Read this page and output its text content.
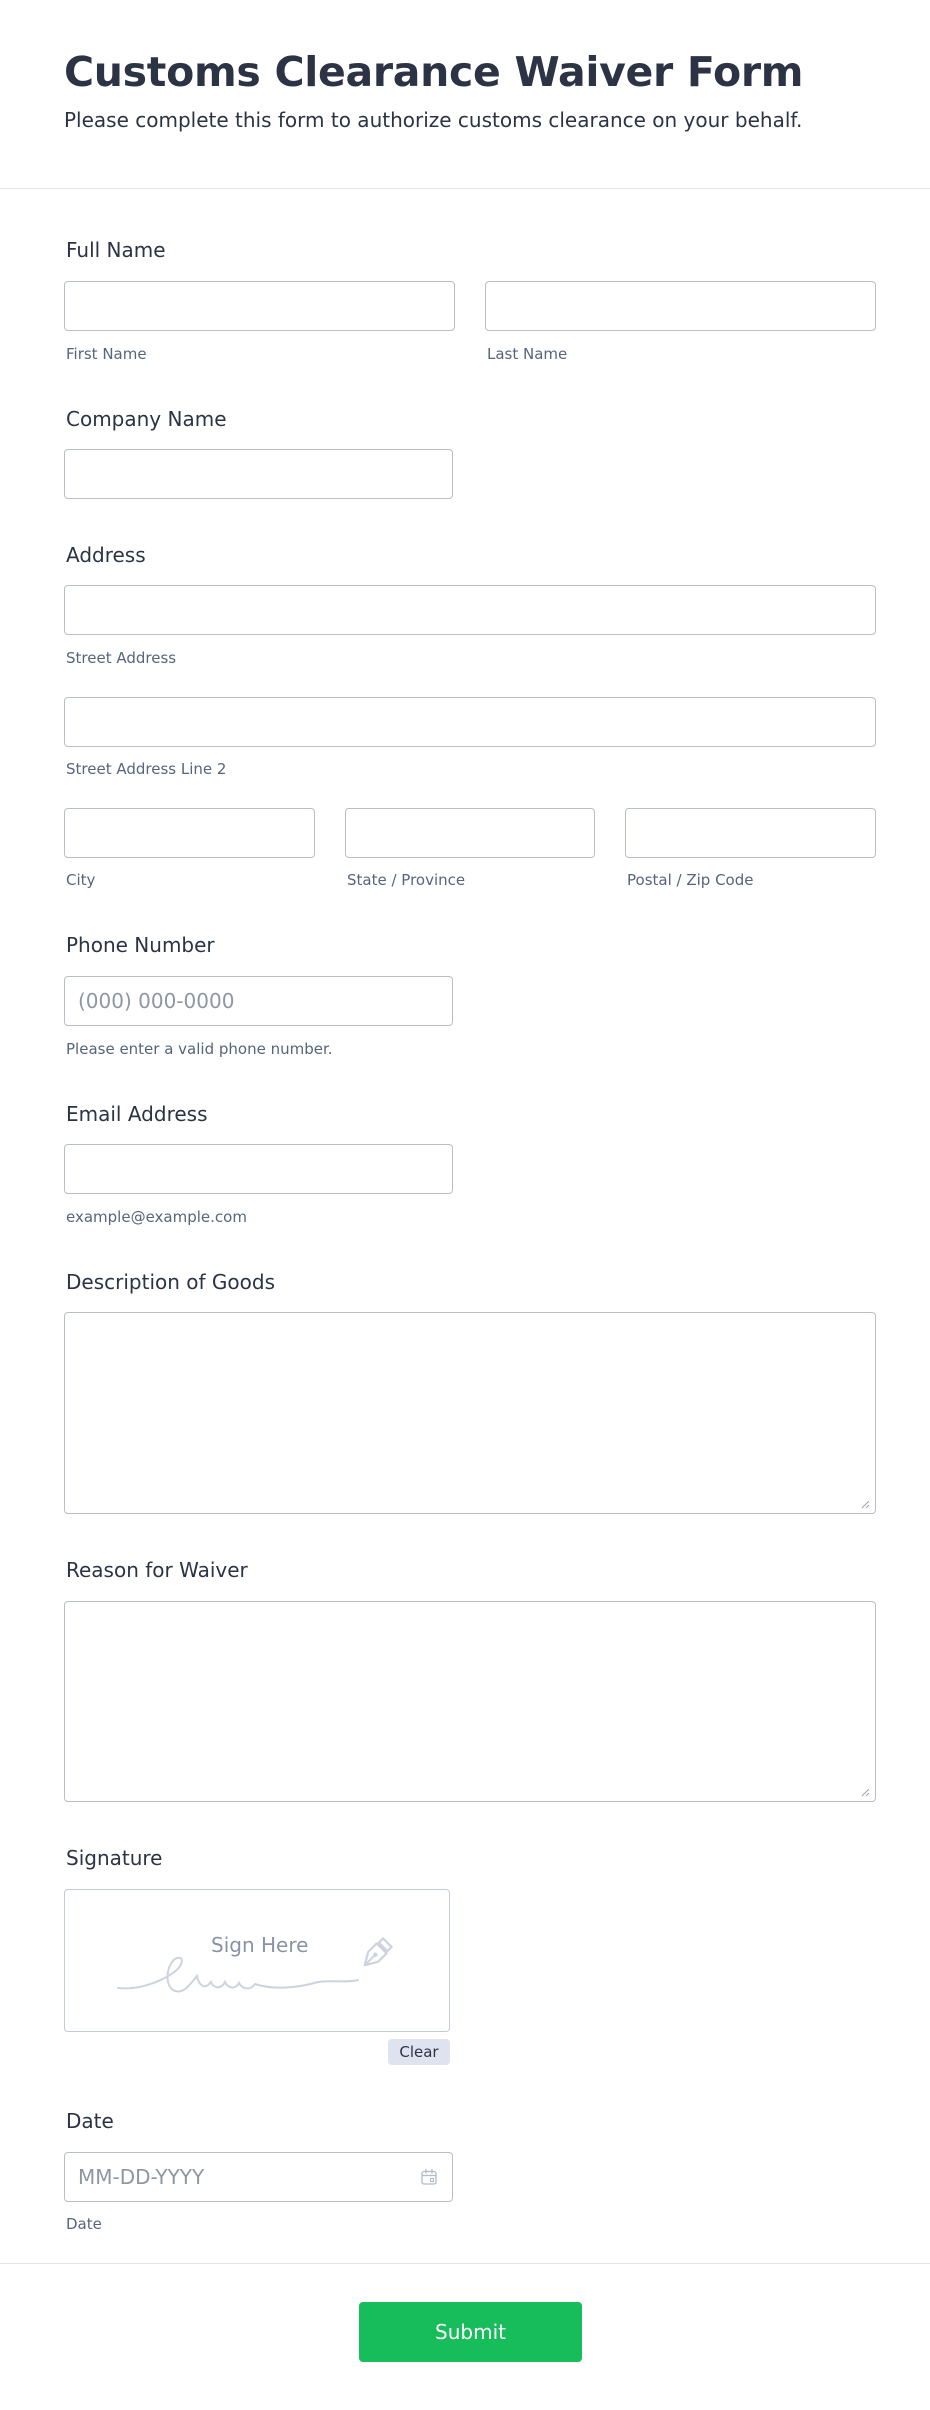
Customs Clearance Waiver Form
Please complete this form to authorize customs clearance on your behalf.
Full Name
First Name	Last Name
Company Name
Address
Street Address
Street Address Line 2
City	State / Province	Postal / Zip Code
Phone Number
(000) 000-0000
Please enter a valid phone number.
Email Address
example@example.com
Description of Goods
Reason for Waiver
Signature
Sign Here
Clear
Date
MM-DD-YYYY
Date
Submit
